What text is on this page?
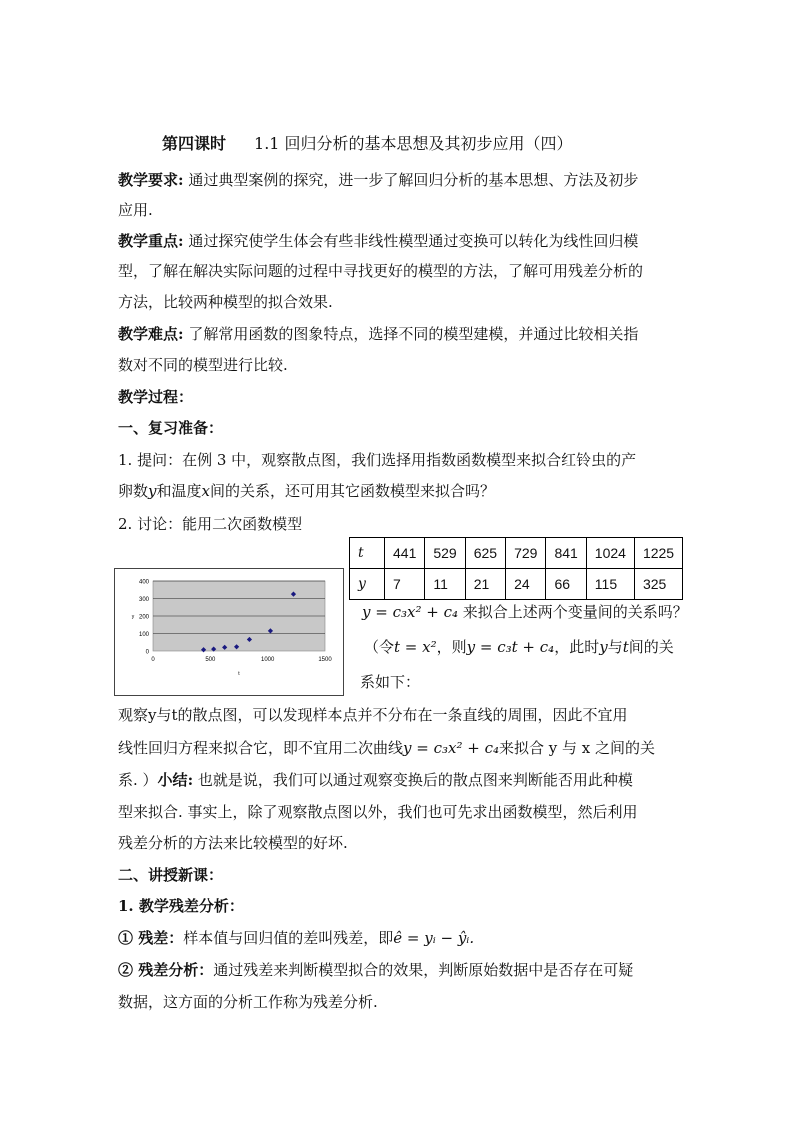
第四课时 1.1 回归分析的基本思想及其初步应用（四）
教学要求: 通过典型案例的探究，进一步了解回归分析的基本思想、方法及初步
应用.
教学重点: 通过探究使学生体会有些非线性模型通过变换可以转化为线性回归模
型，了解在解决实际问题的过程中寻找更好的模型的方法，了解可用残差分析的
方法，比较两种模型的拟合效果.
教学难点: 了解常用函数的图象特点，选择不同的模型建模，并通过比较相关指
数对不同的模型进行比较.
教学过程：
一、复习准备：
1. 提问：在例 3 中，观察散点图，我们选择用指数函数模型来拟合红铃虫的产
卵数y和温度x间的关系，还可用其它函数模型来拟合吗？
2. 讨论：能用二次函数模型
t	441	529	625	729	841	1024	1225
y	7	11	21	24	66	115	325
0
100
200
300
400
0	500	1000	1500
y
t
y = c₃x² + c₄ 来拟合上述两个变量间的关系吗？
（令t = x²，则y = c₃t + c₄，此时y与t间的关
系如下：
观察y与t的散点图，可以发现样本点并不分布在一条直线的周围，因此不宜用
线性回归方程来拟合它，即不宜用二次曲线y = c₃x² + c₄来拟合 y 与 x 之间的关
系. ）小结: 也就是说，我们可以通过观察变换后的散点图来判断能否用此种模
型来拟合. 事实上，除了观察散点图以外，我们也可先求出函数模型，然后利用
残差分析的方法来比较模型的好坏.
二、讲授新课：
1. 教学残差分析：
① 残差：样本值与回归值的差叫残差，即ê = yᵢ − ŷᵢ.
② 残差分析：通过残差来判断模型拟合的效果，判断原始数据中是否存在可疑
数据，这方面的分析工作称为残差分析.
